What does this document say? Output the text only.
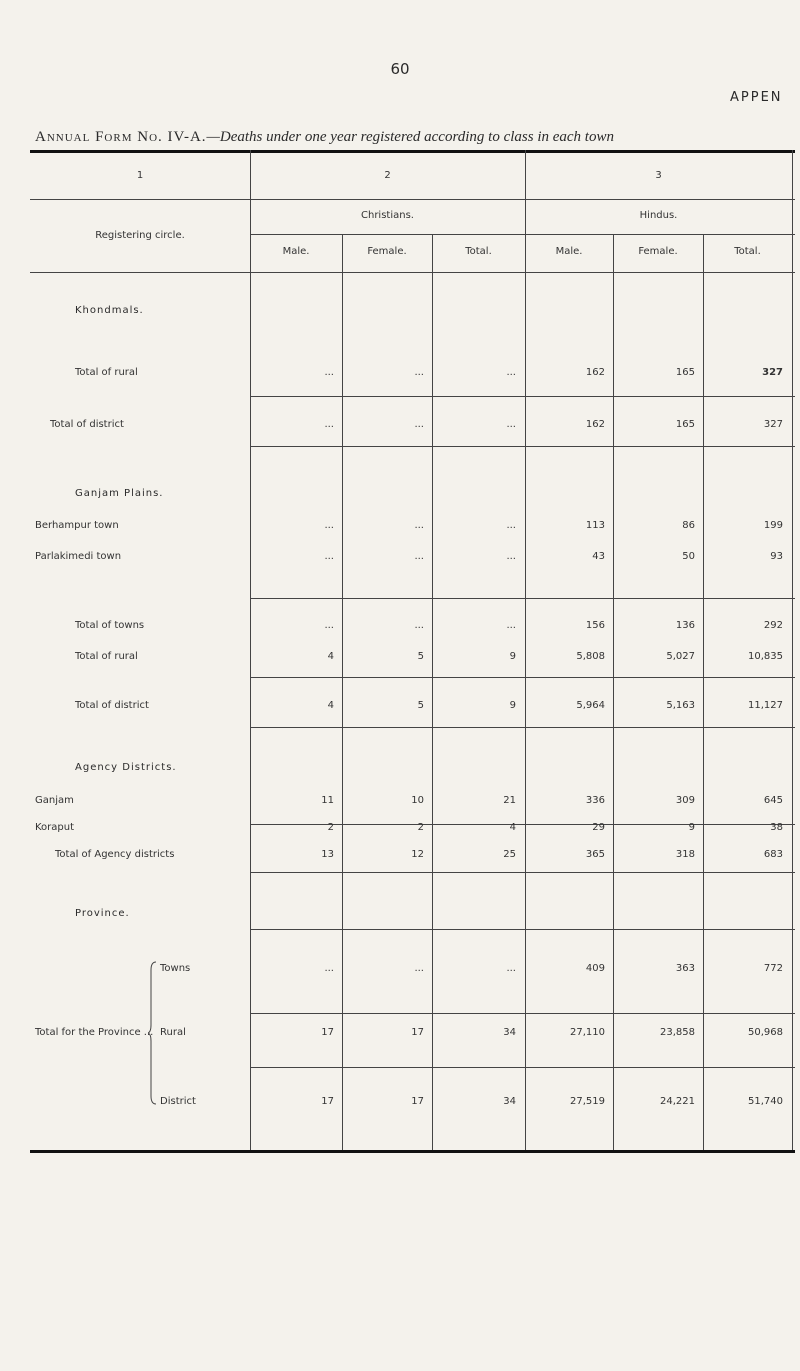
60
APPEN
Annual Form No. IV-A.—Deaths under one year registered according to class in each town
1	2	3
Registering circle.
Christians.	Hindus.
Male.	Female.	Total.	Male.	Female.	Total.
Khondmals.
Ganjam Plains.
Agency Districts.
Province.
Total of rural	...	...	...	162	165	327
Total of district	...	...	...	162	165	327
Berhampur town	...	...	...	113	86	199
Parlakimedi town	...	...	...	43	50	93
Total of towns	...	...	...	156	136	292
Total of rural	4	5	9	5,808	5,027	10,835
Total of district	4	5	9	5,964	5,163	11,127
Ganjam	11	10	21	336	309	645
Koraput	2	2	4	29	9	38
Total of Agency districts	13	12	25	365	318	683
Total for the Province ...
Towns	...	...	...	409	363	772
Rural	17	17	34	27,110	23,858	50,968
District	17	17	34	27,519	24,221	51,740
